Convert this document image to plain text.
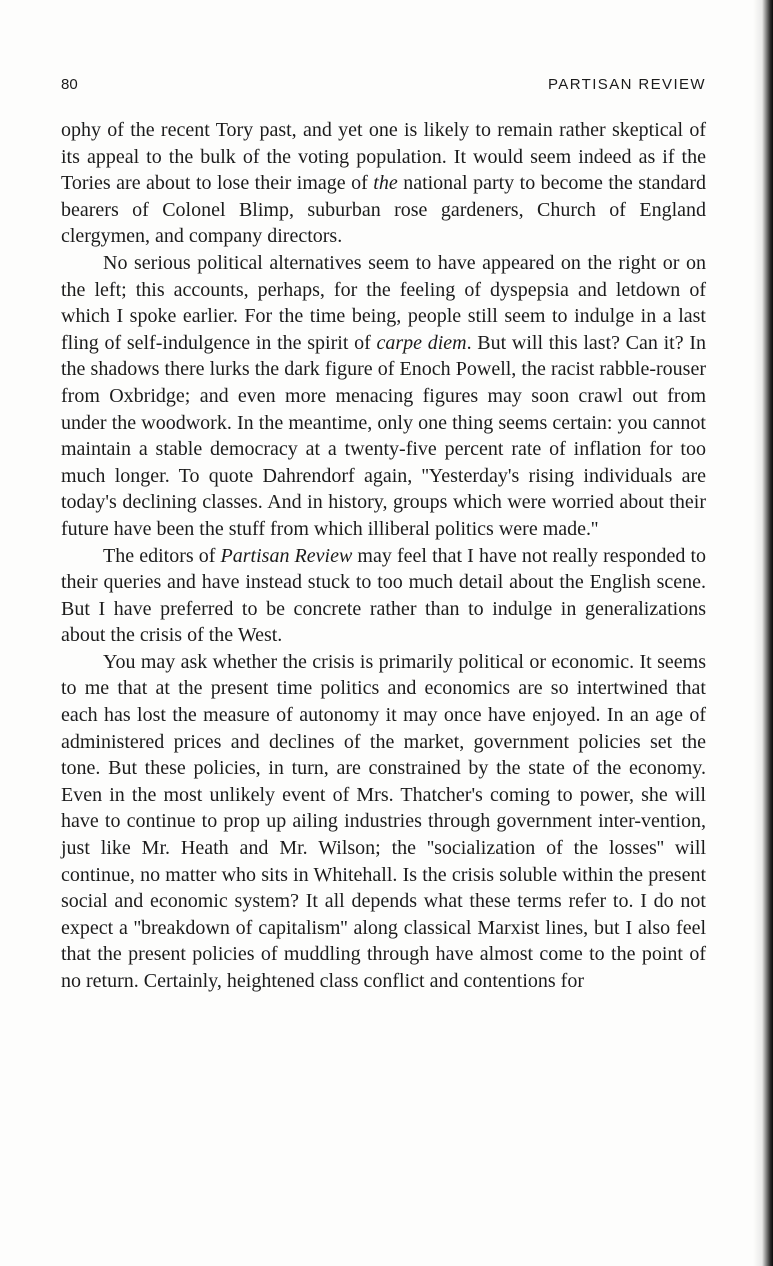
80	PARTISAN REVIEW

ophy of the recent Tory past, and yet one is likely to remain rather skeptical of its appeal to the bulk of the voting population. It would seem indeed as if the Tories are about to lose their image of the national party to become the standard bearers of Colonel Blimp, suburban rose gardeners, Church of England clergymen, and company directors.

No serious political alternatives seem to have appeared on the right or on the left; this accounts, perhaps, for the feeling of dyspepsia and letdown of which I spoke earlier. For the time being, people still seem to indulge in a last fling of self-indulgence in the spirit of carpe diem. But will this last? Can it? In the shadows there lurks the dark figure of Enoch Powell, the racist rabble-rouser from Oxbridge; and even more menacing figures may soon crawl out from under the woodwork. In the meantime, only one thing seems certain: you cannot maintain a stable democracy at a twenty-five percent rate of inflation for too much longer. To quote Dahrendorf again, ''Yesterday's rising individuals are today's declining classes. And in history, groups which were worried about their future have been the stuff from which illiberal politics were made.''

The editors of Partisan Review may feel that I have not really responded to their queries and have instead stuck to too much detail about the English scene. But I have preferred to be concrete rather than to indulge in generalizations about the crisis of the West.

You may ask whether the crisis is primarily political or economic. It seems to me that at the present time politics and economics are so intertwined that each has lost the measure of autonomy it may once have enjoyed. In an age of administered prices and declines of the market, government policies set the tone. But these policies, in turn, are constrained by the state of the economy. Even in the most unlikely event of Mrs. Thatcher's coming to power, she will have to continue to prop up ailing industries through government inter-vention, just like Mr. Heath and Mr. Wilson; the ''socialization of the losses'' will continue, no matter who sits in Whitehall. Is the crisis soluble within the present social and economic system? It all depends what these terms refer to. I do not expect a ''breakdown of capitalism'' along classical Marxist lines, but I also feel that the present policies of muddling through have almost come to the point of no return. Certainly, heightened class conflict and contentions for
